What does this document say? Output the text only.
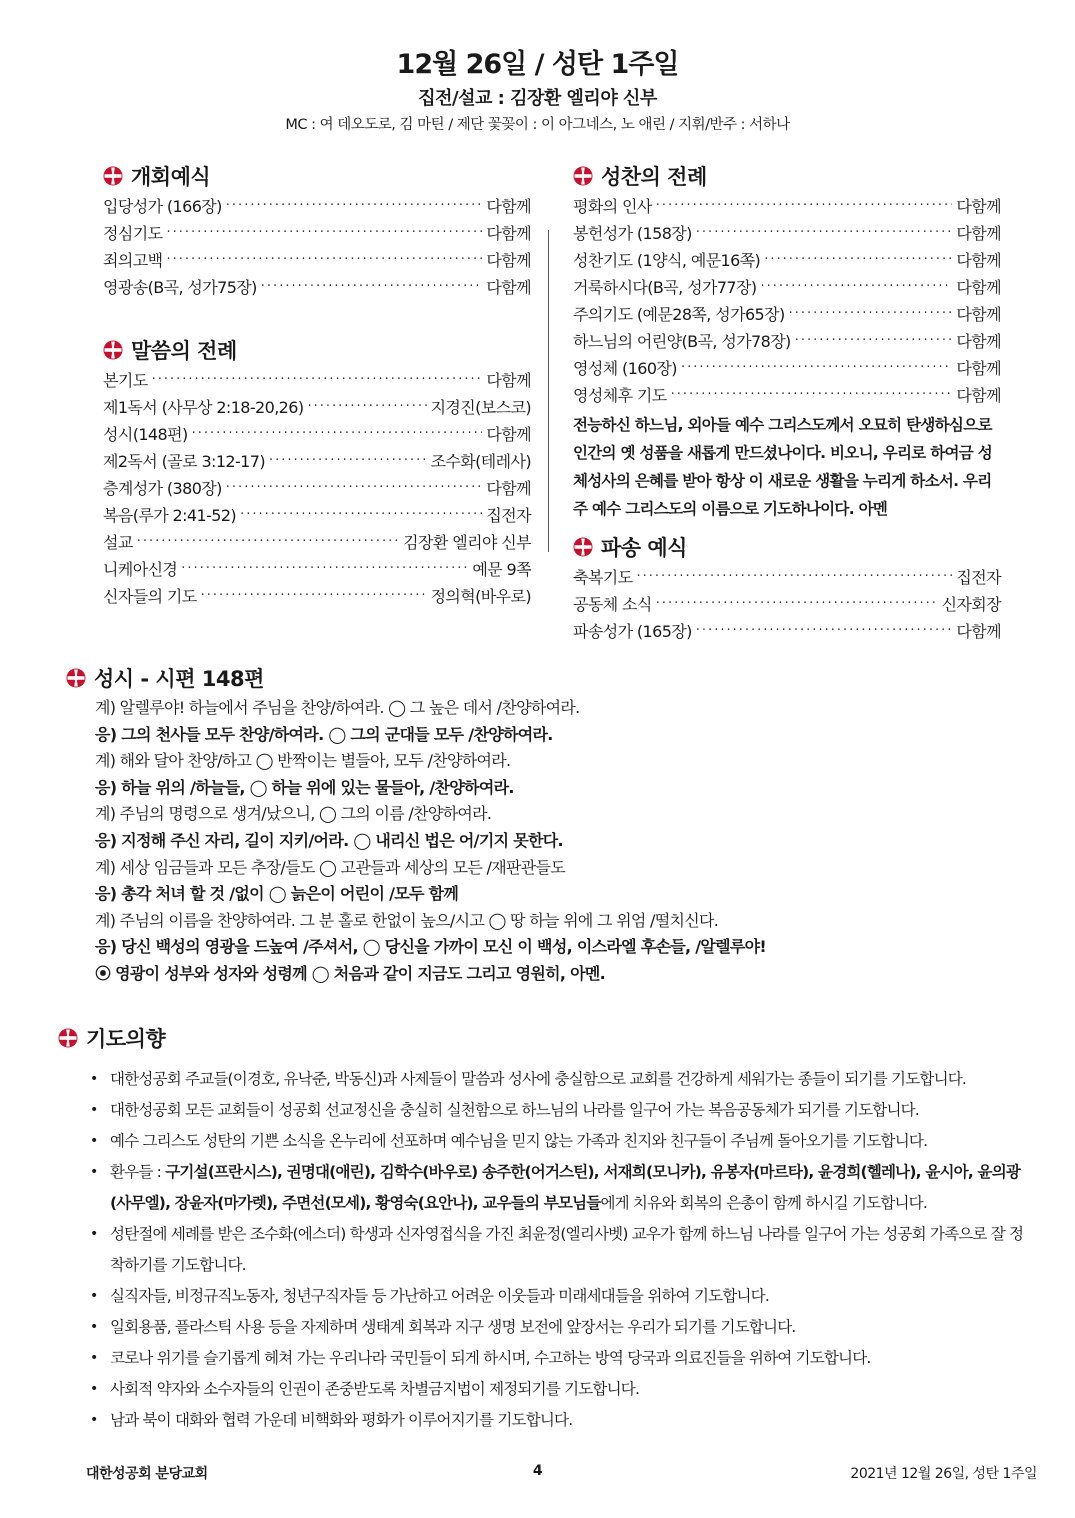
12월 26일 / 성탄 1주일
집전/설교 : 김장환 엘리야 신부
MC : 여 데오도로, 김 마틴 / 제단 꽃꽂이 : 이 아그네스, 노 애린 / 지휘/반주 : 서하나
개회예식
입당성가 (166장) ·····	다함께
정심기도 ·····	다함께
죄의고백 ·····	다함께
영광송(B곡, 성가75장) ·····	다함께
말씀의 전례
본기도 ·····	다함께
제1독서 (사무상 2:18-20,26) ·····	지경진(보스코)
성시(148편) ·····	다함께
제2독서 (골로 3:12-17) ·····	조수화(테레사)
층계성가 (380장) ·····	다함께
복음(루가 2:41-52) ·····	집전자
설교 ·····	김장환 엘리야 신부
니케아신경 ·····	예문 9쪽
신자들의 기도 ·····	정의혁(바우로)
성찬의 전례
평화의 인사 ·····	다함께
봉헌성가 (158장) ·····	다함께
성찬기도 (1양식, 예문16쪽) ·····	다함께
거룩하시다(B곡, 성가77장) ·····	다함께
주의기도 (예문28쪽, 성가65장) ·····	다함께
하느님의 어린양(B곡, 성가78장) ·····	다함께
영성체 (160장) ·····	다함께
영성체후 기도 ·····	다함께
전능하신 하느님, 외아들 예수 그리스도께서 오묘히 탄생하심으로 인간의 옛 성품을 새롭게 만드셨나이다. 비오니, 우리로 하여금 성체성사의 은혜를 받아 항상 이 새로운 생활을 누리게 하소서. 우리 주 예수 그리스도의 이름으로 기도하나이다. 아멘
파송 예식
축복기도 ·····	집전자
공동체 소식 ·····	신자회장
파송성가 (165장) ·····	다함께
성시 - 시편 148편
계) 알렐루야! 하늘에서 주님을 찬양/하여라. ◯ 그 높은 데서 /찬양하여라.
응) 그의 천사들 모두 찬양/하여라. ◯ 그의 군대들 모두 /찬양하여라.
계) 해와 달아 찬양/하고 ◯ 반짝이는 별들아, 모두 /찬양하여라.
응) 하늘 위의 /하늘들, ◯ 하늘 위에 있는 물들아, /찬양하여라.
계) 주님의 명령으로 생겨/났으니, ◯ 그의 이름 /찬양하여라.
응) 지정해 주신 자리, 길이 지키/어라. ◯ 내리신 법은 어/기지 못한다.
계) 세상 임금들과 모든 추장/들도 ◯ 고관들과 세상의 모든 /재판관들도
응) 총각 처녀 할 것 /없이 ◯ 늙은이 어린이 /모두 함께
계) 주님의 이름을 찬양하여라. 그 분 홀로 한없이 높으/시고 ◯ 땅 하늘 위에 그 위엄 /떨치신다.
응) 당신 백성의 영광을 드높여 /주셔서, ◯ 당신을 가까이 모신 이 백성, 이스라엘 후손들, /알렐루야!
⦿ 영광이 성부와 성자와 성령께 ◯ 처음과 같이 지금도 그리고 영원히, 아멘.
기도의향
• 대한성공회 주교들(이경호, 유낙준, 박동신)과 사제들이 말씀과 성사에 충실함으로 교회를 건강하게 세워가는 종들이 되기를 기도합니다.
• 대한성공회 모든 교회들이 성공회 선교정신을 충실히 실천함으로 하느님의 나라를 일구어 가는 복음공동체가 되기를 기도합니다.
• 예수 그리스도 성탄의 기쁜 소식을 온누리에 선포하며 예수님을 믿지 않는 가족과 친지와 친구들이 주님께 돌아오기를 기도합니다.
• 환우들 : 구기설(프란시스), 권명대(애린), 김학수(바우로) 송주한(어거스틴), 서재희(모니카), 유봉자(마르타), 윤경희(헬레나), 윤시아, 윤의광(사무엘), 장윤자(마가렛), 주면선(모세), 황영숙(요안나), 교우들의 부모님들에게 치유와 회복의 은총이 함께 하시길 기도합니다.
• 성탄절에 세례를 받은 조수화(에스더) 학생과 신자영접식을 가진 최윤정(엘리사벳) 교우가 함께 하느님 나라를 일구어 가는 성공회 가족으로 잘 정착하기를 기도합니다.
• 실직자들, 비정규직노동자, 청년구직자들 등 가난하고 어려운 이웃들과 미래세대들을 위하여 기도합니다.
• 일회용품, 플라스틱 사용 등을 자제하며 생태계 회복과 지구 생명 보전에 앞장서는 우리가 되기를 기도합니다.
• 코로나 위기를 슬기롭게 헤쳐 가는 우리나라 국민들이 되게 하시며, 수고하는 방역 당국과 의료진들을 위하여 기도합니다.
• 사회적 약자와 소수자들의 인권이 존중받도록 차별금지법이 제정되기를 기도합니다.
• 남과 북이 대화와 협력 가운데 비핵화와 평화가 이루어지기를 기도합니다.
대한성공회 분당교회	4	2021년 12월 26일, 성탄 1주일
